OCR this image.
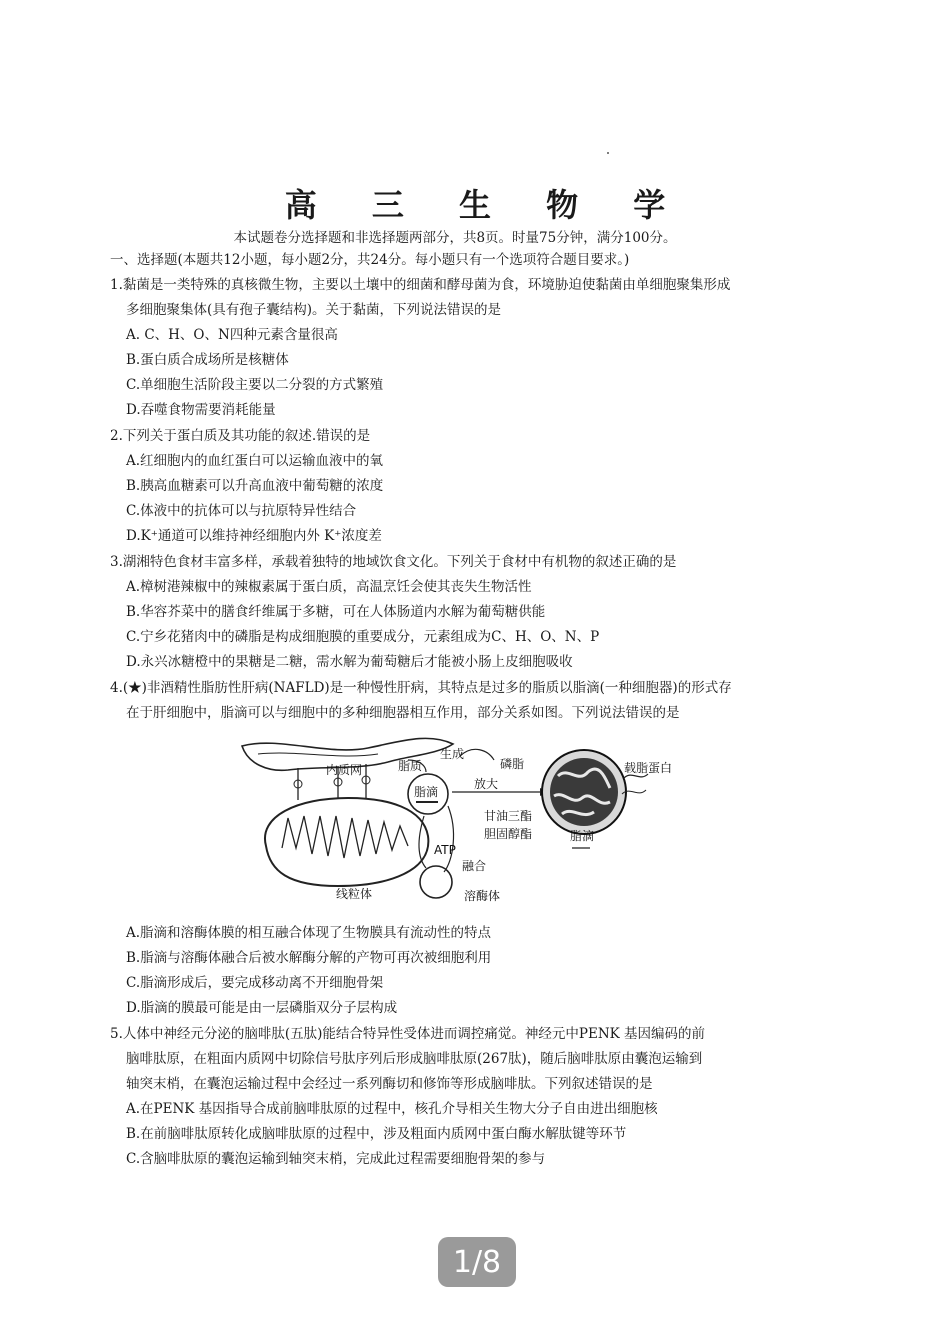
高 三 生 物 学
本试题卷分选择题和非选择题两部分，共8页。时量75分钟，满分100分。
一、选择题(本题共12小题，每小题2分，共24分。每小题只有一个选项符合题目要求。)
1.黏菌是一类特殊的真核微生物，主要以土壤中的细菌和酵母菌为食，环境胁迫使黏菌由单细胞聚集形成
多细胞聚集体(具有孢子囊结构)。关于黏菌，下列说法错误的是
A. C、H、O、N四种元素含量很高
B.蛋白质合成场所是核糖体
C.单细胞生活阶段主要以二分裂的方式繁殖
D.吞噬食物需要消耗能量
2.下列关于蛋白质及其功能的叙述.错误的是
A.红细胞内的血红蛋白可以运输血液中的氧
B.胰高血糖素可以升高血液中葡萄糖的浓度
C.体液中的抗体可以与抗原特异性结合
D.K⁺通道可以维持神经细胞内外 K⁺浓度差
3.湖湘特色食材丰富多样，承载着独特的地域饮食文化。下列关于食材中有机物的叙述正确的是
A.樟树港辣椒中的辣椒素属于蛋白质，高温烹饪会使其丧失生物活性
B.华容芥菜中的膳食纤维属于多糖，可在人体肠道内水解为葡萄糖供能
C.宁乡花猪肉中的磷脂是构成细胞膜的重要成分，元素组成为C、H、O、N、P
D.永兴冰糖橙中的果糖是二糖，需水解为葡萄糖后才能被小肠上皮细胞吸收
4.(★)非酒精性脂肪性肝病(NAFLD)是一种慢性肝病，其特点是过多的脂质以脂滴(一种细胞器)的形式存
在于肝细胞中，脂滴可以与细胞中的多种细胞器相互作用，部分关系如图。下列说法错误的是
内质网	脂质
生成
脂滴
磷脂
放大
载脂蛋白
甘油三酯
胆固醇酯	脂滴
ATP
融合
线粒体	溶酶体
A.脂滴和溶酶体膜的相互融合体现了生物膜具有流动性的特点
B.脂滴与溶酶体融合后被水解酶分解的产物可再次被细胞利用
C.脂滴形成后，要完成移动离不开细胞骨架
D.脂滴的膜最可能是由一层磷脂双分子层构成
5.人体中神经元分泌的脑啡肽(五肽)能结合特异性受体进而调控痛觉。神经元中PENK 基因编码的前
脑啡肽原，在粗面内质网中切除信号肽序列后形成脑啡肽原(267肽)，随后脑啡肽原由囊泡运输到
轴突末梢，在囊泡运输过程中会经过一系列酶切和修饰等形成脑啡肽。下列叙述错误的是
A.在PENK 基因指导合成前脑啡肽原的过程中，核孔介导相关生物大分子自由进出细胞核
B.在前脑啡肽原转化成脑啡肽原的过程中，涉及粗面内质网中蛋白酶水解肽键等环节
C.含脑啡肽原的囊泡运输到轴突末梢，完成此过程需要细胞骨架的参与
1/8
